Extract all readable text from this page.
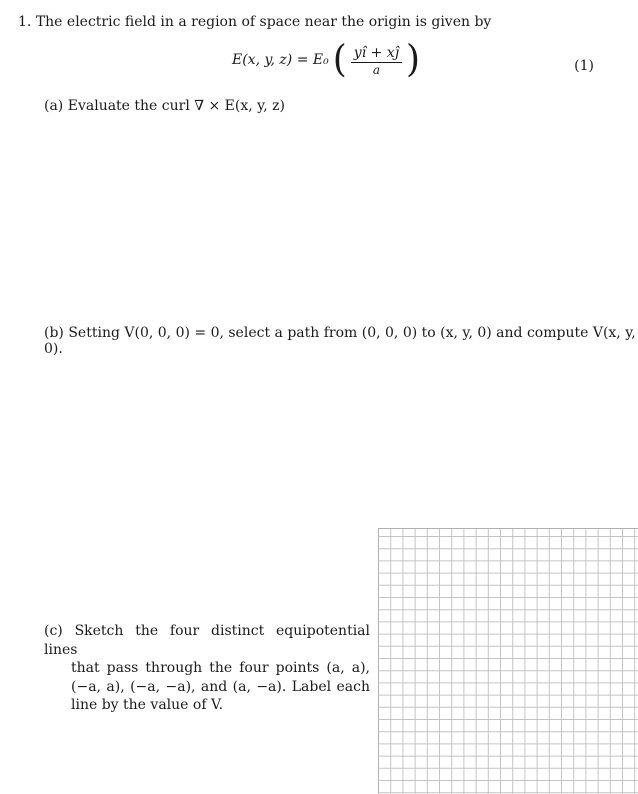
1. The electric field in a region of space near the origin is given by
E(x, y, z) = E₀ ( $\frac{yî + xĵ}{a}$ )	(1)
(a) Evaluate the curl ∇ × E(x, y, z)
(b) Setting V(0, 0, 0) = 0, select a path from (0, 0, 0) to (x, y, 0) and compute V(x, y, 0).
(c) Sketch the four distinct equipotential lines
that pass through the four points (a, a), (−a, a), (−a, −a), and (a, −a). Label each line by the value of V.
